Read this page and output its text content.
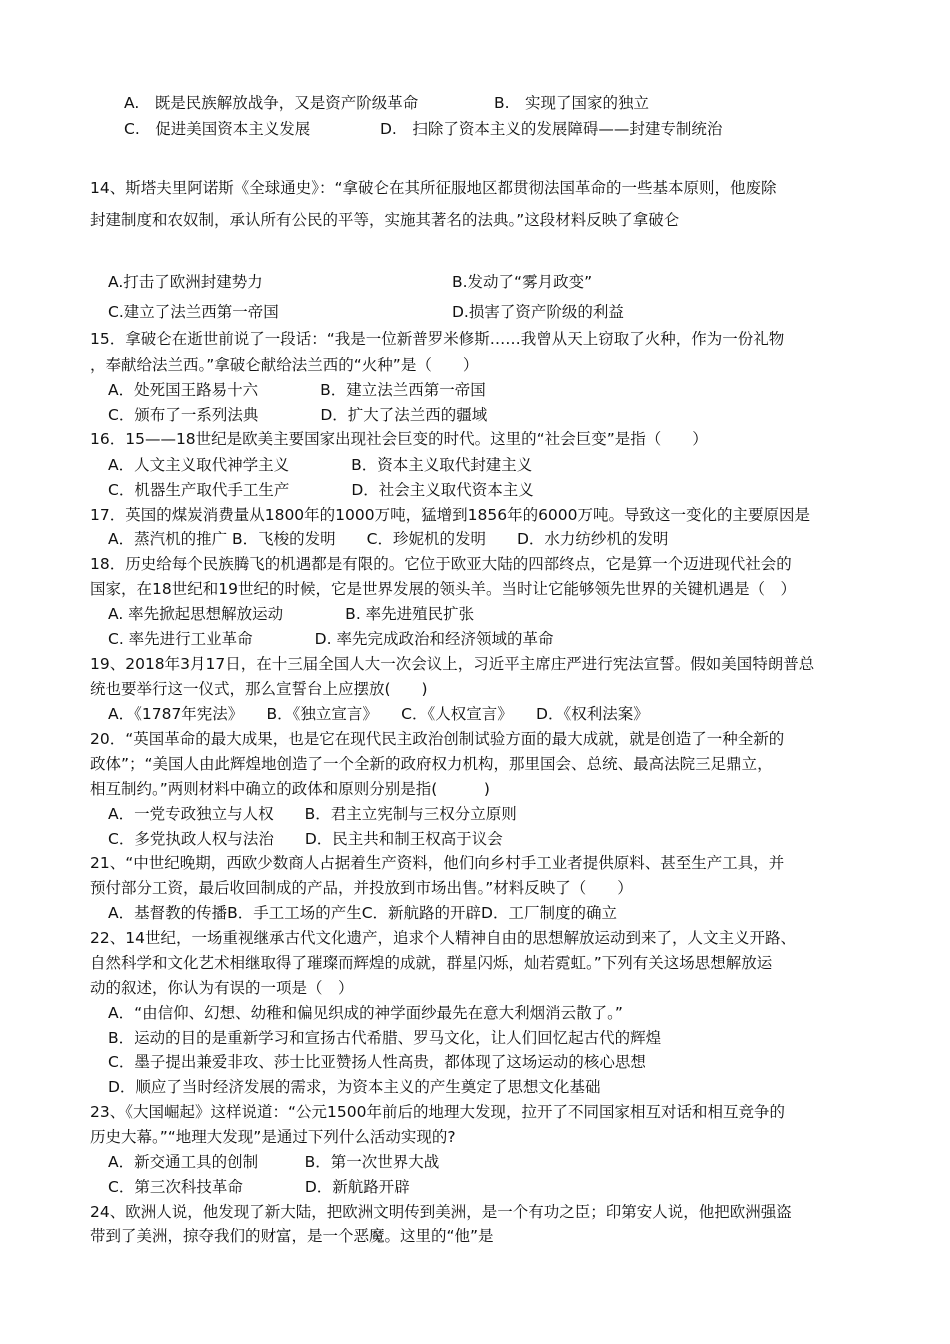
A.　既是民族解放战争，又是资产阶级革命	B.　实现了国家的独立
C.　促进美国资本主义发展	D.　扫除了资本主义的发展障碍——封建专制统治
14、斯塔夫里阿诺斯《全球通史》：“拿破仑在其所征服地区都贯彻法国革命的一些基本原则，他废除
封建制度和农奴制，承认所有公民的平等，实施其著名的法典。”这段材料反映了拿破仑
A.打击了欧洲封建势力	B.发动了“雾月政变”
C.建立了法兰西第一帝国	D.损害了资产阶级的利益
15．拿破仑在逝世前说了一段话：“我是一位新普罗米修斯……我曾从天上窃取了火种，作为一份礼物
，奉献给法兰西。”拿破仑献给法兰西的“火种”是（　　）
A．处死国王路易十六　　　　B．建立法兰西第一帝国
C．颁布了一系列法典　　　　D．扩大了法兰西的疆域
16．15——18世纪是欧美主要国家出现社会巨变的时代。这里的“社会巨变”是指（　　）
A．人文主义取代神学主义　　　　B．资本主义取代封建主义
C．机器生产取代手工生产　　　　D．社会主义取代资本主义
17．英国的煤炭消费量从1800年的1000万吨，猛增到1856年的6000万吨。导致这一变化的主要原因是
A．蒸汽机的推广 B．飞梭的发明　　C．珍妮机的发明　　D．水力纺纱机的发明
18．历史给每个民族腾飞的机遇都是有限的。它位于欧亚大陆的四部终点，它是算一个迈进现代社会的
国家，在18世纪和19世纪的时候，它是世界发展的领头羊。当时让它能够领先世界的关键机遇是（　）
A. 率先掀起思想解放运动　　　　B. 率先进殖民扩张
C. 率先进行工业革命　　　　D. 率先完成政治和经济领域的革命
19、2018年3月17日，在十三届全国人大一次会议上，习近平主席庄严进行宪法宣誓。假如美国特朗普总
统也要举行这一仪式，那么宣誓台上应摆放(　　)
A．《1787年宪法》　　B．《独立宣言》　　C．《人权宣言》　　D．《权利法案》
20．“英国革命的最大成果，也是它在现代民主政治创制试验方面的最大成就，就是创造了一种全新的
政体”；“美国人由此辉煌地创造了一个全新的政府权力机构，那里国会、总统、最高法院三足鼎立，
相互制约。”两则材料中确立的政体和原则分别是指(　　　)
A．一党专政独立与人权　　B．君主立宪制与三权分立原则
C．多党执政人权与法治　　D．民主共和制王权高于议会
21、“中世纪晚期，西欧少数商人占据着生产资料，他们向乡村手工业者提供原料、甚至生产工具，并
预付部分工资，最后收回制成的产品，并投放到市场出售。”材料反映了（　　）
A．基督教的传播B．手工工场的产生C．新航路的开辟D．工厂制度的确立
22、14世纪，一场重视继承古代文化遗产，追求个人精神自由的思想解放运动到来了，人文主义开路、
自然科学和文化艺术相继取得了璀璨而辉煌的成就，群星闪烁，灿若霓虹。”下列有关这场思想解放运
动的叙述，你认为有误的一项是（　）
A．“由信仰、幻想、幼稚和偏见织成的神学面纱最先在意大利烟消云散了。”
B．运动的目的是重新学习和宣扬古代希腊、罗马文化，让人们回忆起古代的辉煌
C．墨子提出兼爱非攻、莎士比亚赞扬人性高贵，都体现了这场运动的核心思想
D．顺应了当时经济发展的需求，为资本主义的产生奠定了思想文化基础
23、《大国崛起》这样说道：“公元1500年前后的地理大发现，拉开了不同国家相互对话和相互竞争的
历史大幕。”“地理大发现”是通过下列什么活动实现的?
A．新交通工具的创制　　　B．第一次世界大战
C．第三次科技革命　　　　D．新航路开辟
24、欧洲人说，他发现了新大陆，把欧洲文明传到美洲，是一个有功之臣；印第安人说，他把欧洲强盗
带到了美洲，掠夺我们的财富，是一个恶魔。这里的“他”是
